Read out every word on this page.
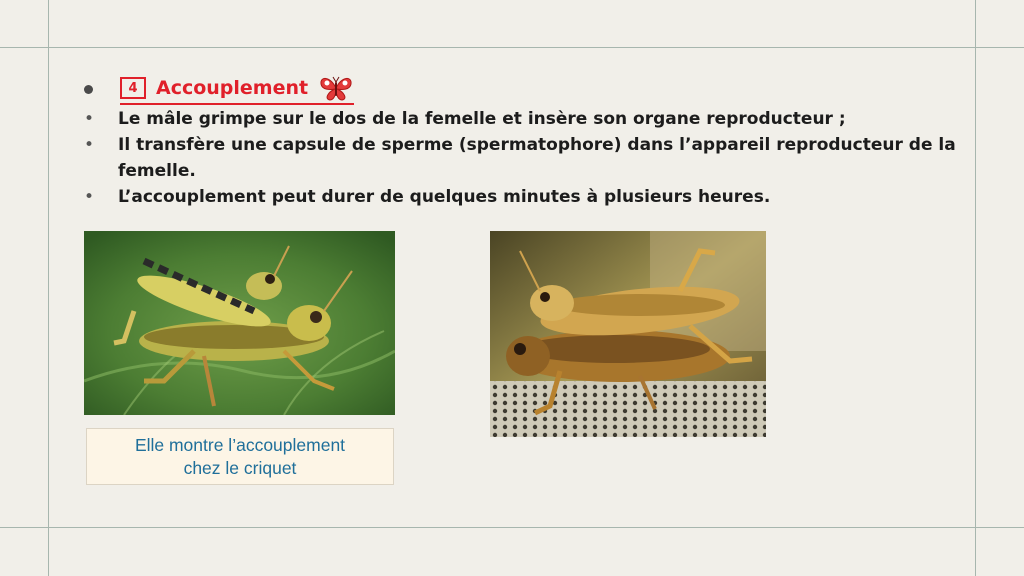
4 Accouplement
• Le mâle grimpe sur le dos de la femelle et insère son organe reproducteur ;
• Il transfère une capsule de sperme (spermatophore) dans l’appareil reproducteur de la femelle.
• L’accouplement peut durer de quelques minutes à plusieurs heures.
Elle montre l’accouplement
chez le criquet
